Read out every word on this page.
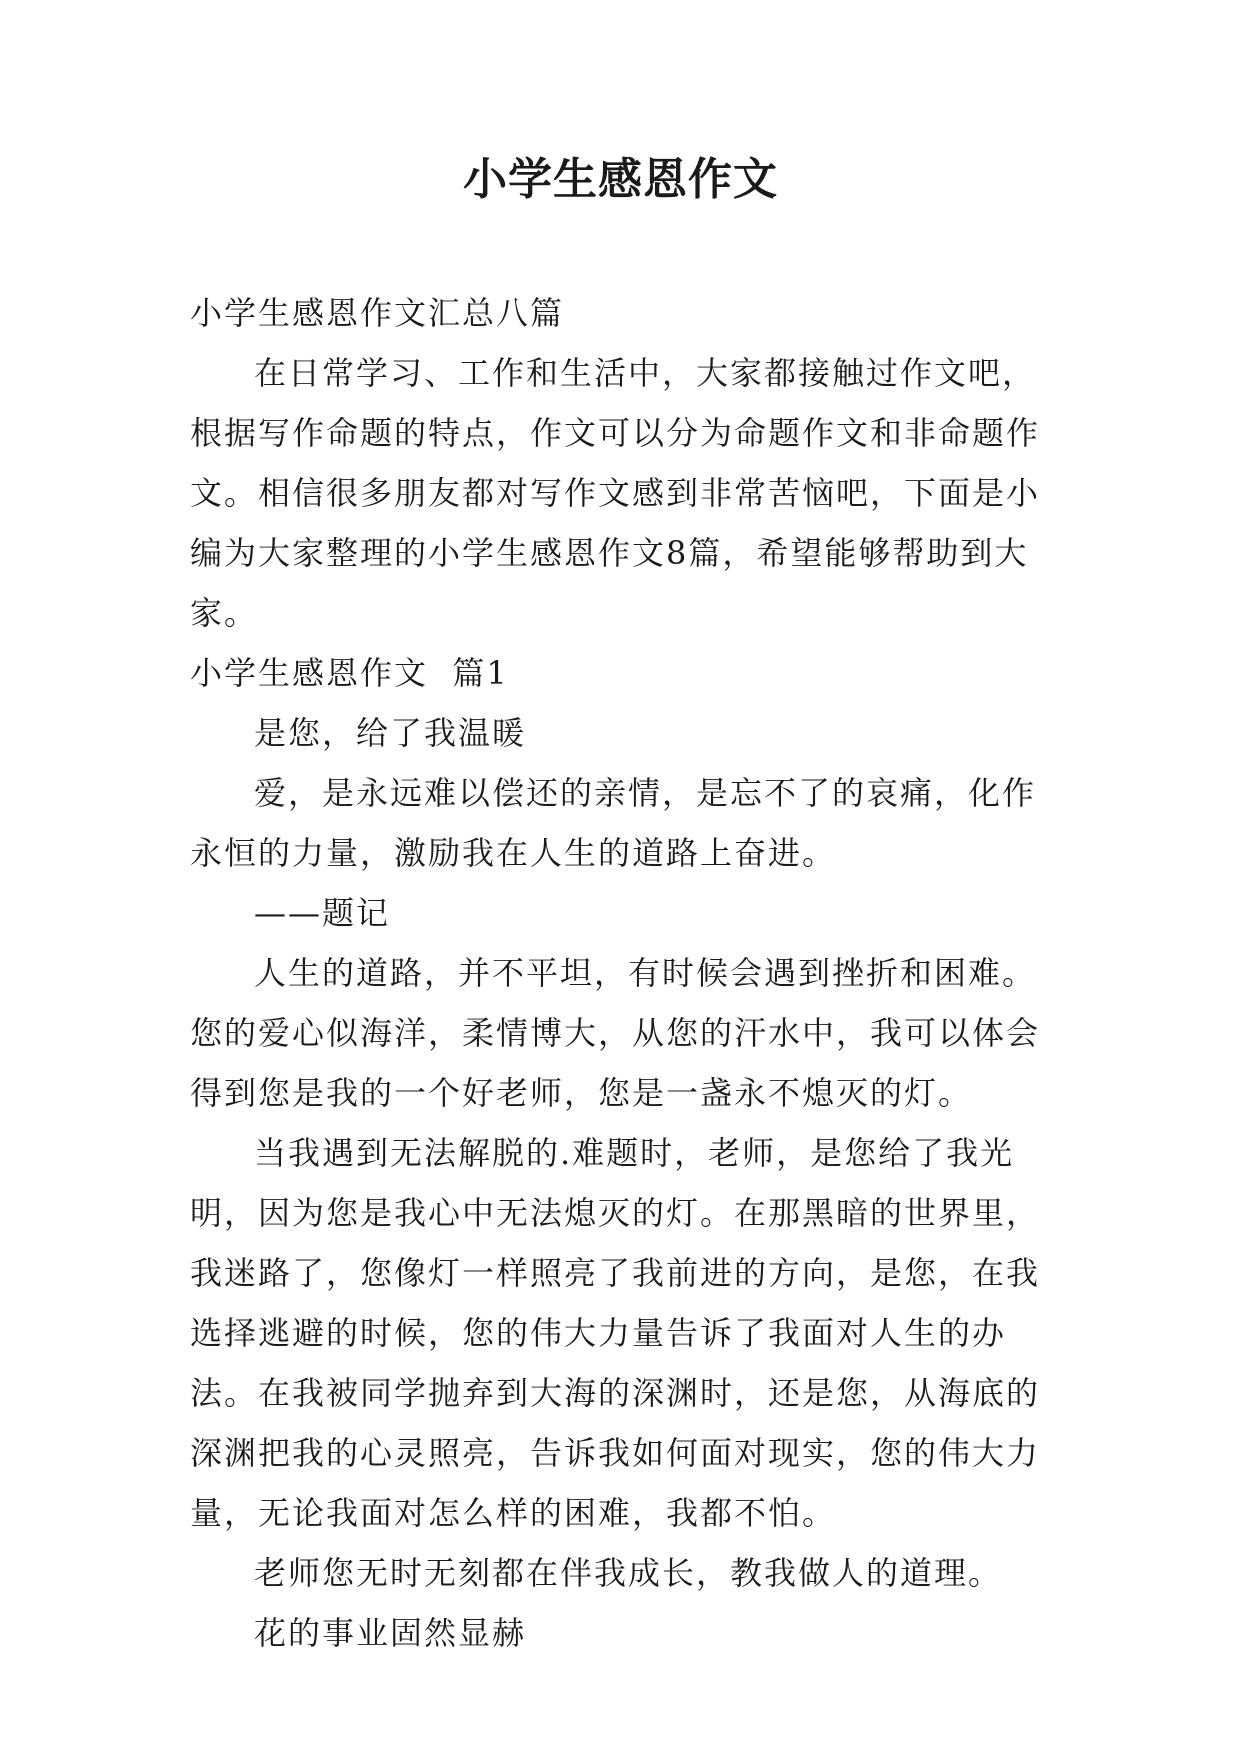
小学生感恩作文

小学生感恩作文汇总八篇

在日常学习、工作和生活中，大家都接触过作文吧，根据写作命题的特点，作文可以分为命题作文和非命题作文。相信很多朋友都对写作文感到非常苦恼吧，下面是小编为大家整理的小学生感恩作文8篇，希望能够帮助到大家。

小学生感恩作文  篇1

是您，给了我温暖

爱，是永远难以偿还的亲情，是忘不了的哀痛，化作永恒的力量，激励我在人生的道路上奋进。

——题记

人生的道路，并不平坦，有时候会遇到挫折和困难。您的爱心似海洋，柔情博大，从您的汗水中，我可以体会得到您是我的一个好老师，您是一盏永不熄灭的灯。

当我遇到无法解脱的.难题时，老师，是您给了我光明，因为您是我心中无法熄灭的灯。在那黑暗的世界里，我迷路了，您像灯一样照亮了我前进的方向，是您，在我选择逃避的时候，您的伟大力量告诉了我面对人生的办法。在我被同学抛弃到大海的深渊时，还是您，从海底的深渊把我的心灵照亮，告诉我如何面对现实，您的伟大力量，无论我面对怎么样的困难，我都不怕。

老师您无时无刻都在伴我成长，教我做人的道理。

花的事业固然显赫
